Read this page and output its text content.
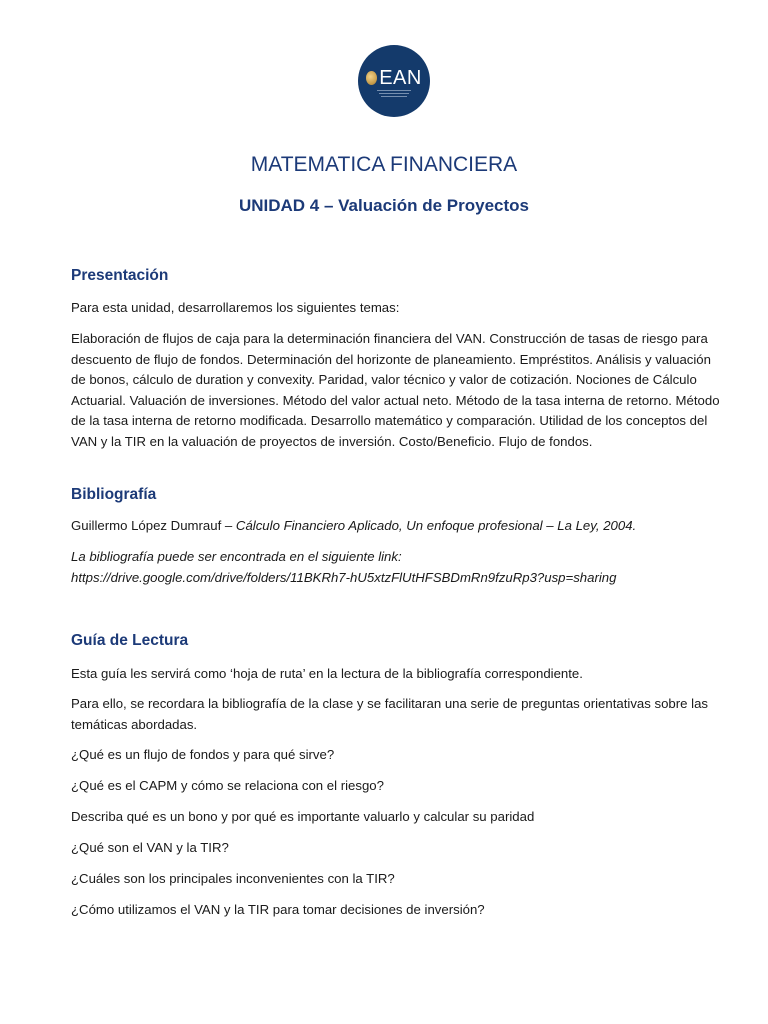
EAN
MATEMATICA FINANCIERA
UNIDAD 4 – Valuación de Proyectos
Presentación
Para esta unidad, desarrollaremos los siguientes temas:
Elaboración de flujos de caja para la determinación financiera del VAN. Construcción de tasas de riesgo para descuento de flujo de fondos. Determinación del horizonte de planeamiento. Empréstitos. Análisis y valuación de bonos, cálculo de duration y convexity. Paridad, valor técnico y valor de cotización. Nociones de Cálculo Actuarial. Valuación de inversiones. Método del valor actual neto. Método de la tasa interna de retorno. Método de la tasa interna de retorno modificada. Desarrollo matemático y comparación. Utilidad de los conceptos del VAN y la TIR en la valuación de proyectos de inversión. Costo/Beneficio. Flujo de fondos.
Bibliografía
Guillermo López Dumrauf – Cálculo Financiero Aplicado, Un enfoque profesional – La Ley, 2004.
La bibliografía puede ser encontrada en el siguiente link:
https://drive.google.com/drive/folders/11BKRh7-hU5xtzFlUtHFSBDmRn9fzuRp3?usp=sharing
Guía de Lectura
Esta guía les servirá como ‘hoja de ruta’ en la lectura de la bibliografía correspondiente.
Para ello, se recordara la bibliografía de la clase y se facilitaran una serie de preguntas orientativas sobre las temáticas abordadas.
¿Qué es un flujo de fondos y para qué sirve?
¿Qué es el CAPM y cómo se relaciona con el riesgo?
Describa qué es un bono y por qué es importante valuarlo y calcular su paridad
¿Qué son el VAN y la TIR?
¿Cuáles son los principales inconvenientes con la TIR?
¿Cómo utilizamos el VAN y la TIR para tomar decisiones de inversión?
